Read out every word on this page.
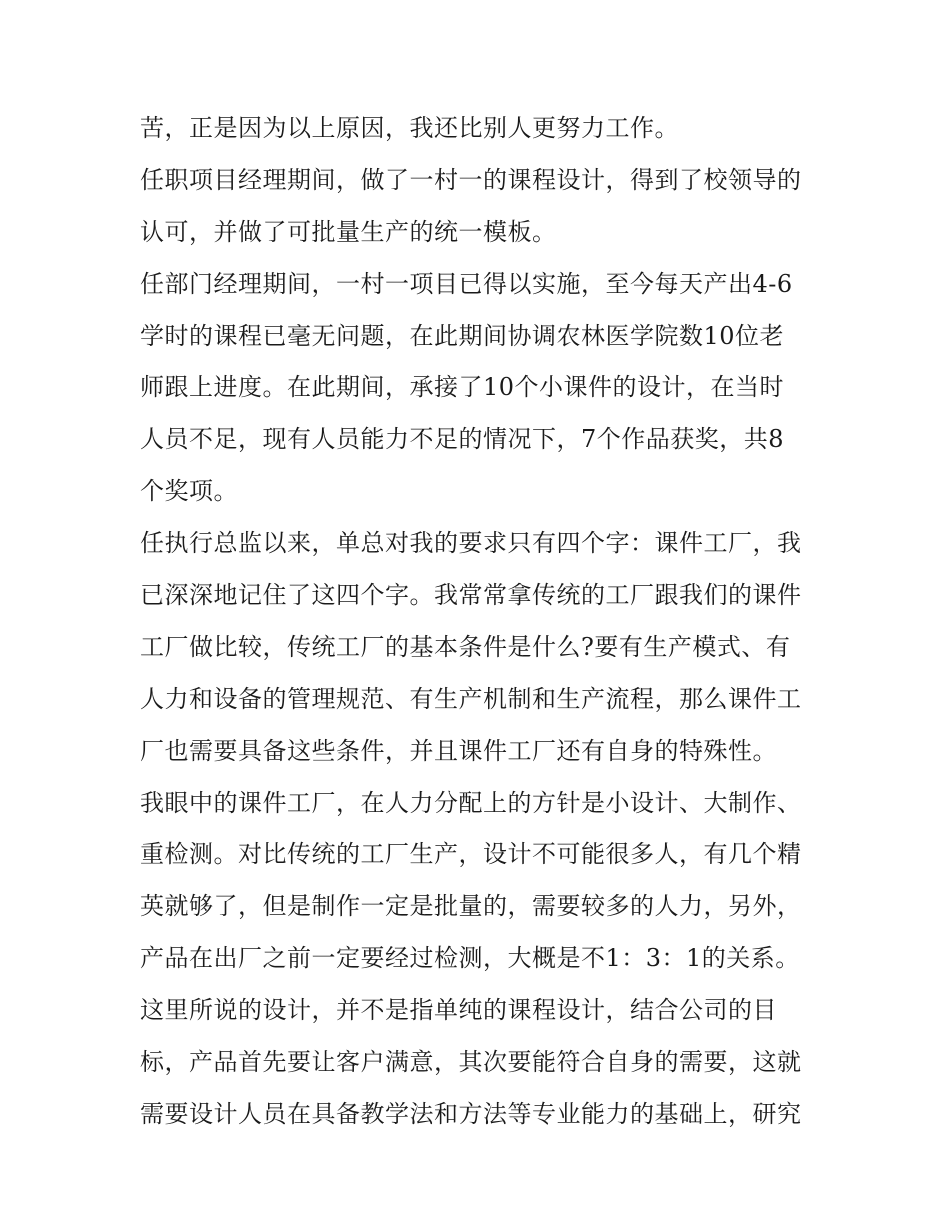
苦，正是因为以上原因，我还比别人更努力工作。
任职项目经理期间，做了一村一的课程设计，得到了校领导的
认可，并做了可批量生产的统一模板。
任部门经理期间，一村一项目已得以实施，至今每天产出4-6
学时的课程已毫无问题，在此期间协调农林医学院数10位老
师跟上进度。在此期间，承接了10个小课件的设计，在当时
人员不足，现有人员能力不足的情况下，7个作品获奖，共8
个奖项。
任执行总监以来，单总对我的要求只有四个字：课件工厂，我
已深深地记住了这四个字。我常常拿传统的工厂跟我们的课件
工厂做比较，传统工厂的基本条件是什么?要有生产模式、有
人力和设备的管理规范、有生产机制和生产流程，那么课件工
厂也需要具备这些条件，并且课件工厂还有自身的特殊性。
我眼中的课件工厂，在人力分配上的方针是小设计、大制作、
重检测。对比传统的工厂生产，设计不可能很多人，有几个精
英就够了，但是制作一定是批量的，需要较多的人力，另外，
产品在出厂之前一定要经过检测，大概是不1：3：1的关系。
这里所说的设计，并不是指单纯的课程设计，结合公司的目
标，产品首先要让客户满意，其次要能符合自身的需要，这就
需要设计人员在具备教学法和方法等专业能力的基础上，研究
